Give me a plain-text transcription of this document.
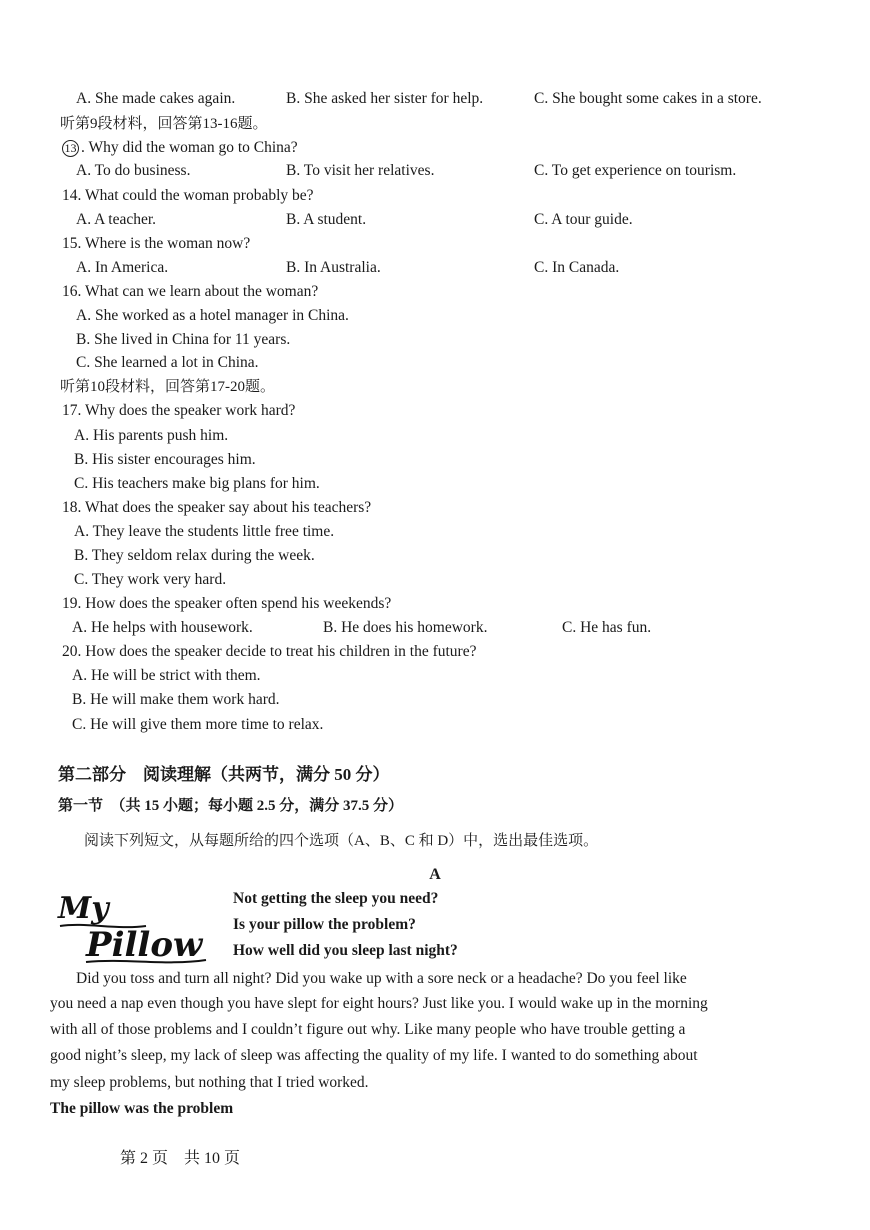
A. She made cakes again.	B. She asked her sister for help.	C. She bought some cakes in a store.
听第9段材料，回答第13-16题。
13 . Why did the woman go to China?
A. To do business.	B. To visit her relatives.	C. To get experience on tourism.
14. What could the woman probably be?
A. A teacher.	B. A student.	C. A tour guide.
15. Where is the woman now?
A. In America.	B. In Australia.	C. In Canada.
16. What can we learn about the woman?
A. She worked as a hotel manager in China.
B. She lived in China for 11 years.
C. She learned a lot in China.
听第10段材料，回答第17-20题。
17. Why does the speaker work hard?
A. His parents push him.
B. His sister encourages him.
C. His teachers make big plans for him.
18. What does the speaker say about his teachers?
A. They leave the students little free time.
B. They seldom relax during the week.
C. They work very hard.
19. How does the speaker often spend his weekends?
A. He helps with housework.	B. He does his homework.	C. He has fun.
20. How does the speaker decide to treat his children in the future?
A. He will be strict with them.
B. He will make them work hard.
C. He will give them more time to relax.
第二部分　阅读理解（共两节，满分 50 分）
第一节　（共 15 小题；每小题 2.5 分，满分 37.5 分）
阅读下列短文，从每题所给的四个选项（A、B、C 和 D）中，选出最佳选项。
A
My
Pillow
Not getting the sleep you need?
Is your pillow the problem?
How well did you sleep last night?
Did you toss and turn all night? Did you wake up with a sore neck or a headache? Do you feel like
you need a nap even though you have slept for eight hours? Just like you. I would wake up in the morning
with all of those problems and I couldn’t figure out why. Like many people who have trouble getting a
good night’s sleep, my lack of sleep was affecting the quality of my life. I wanted to do something about
my sleep problems, but nothing that I tried worked.
The pillow was the problem
第 2 页　共 10 页
